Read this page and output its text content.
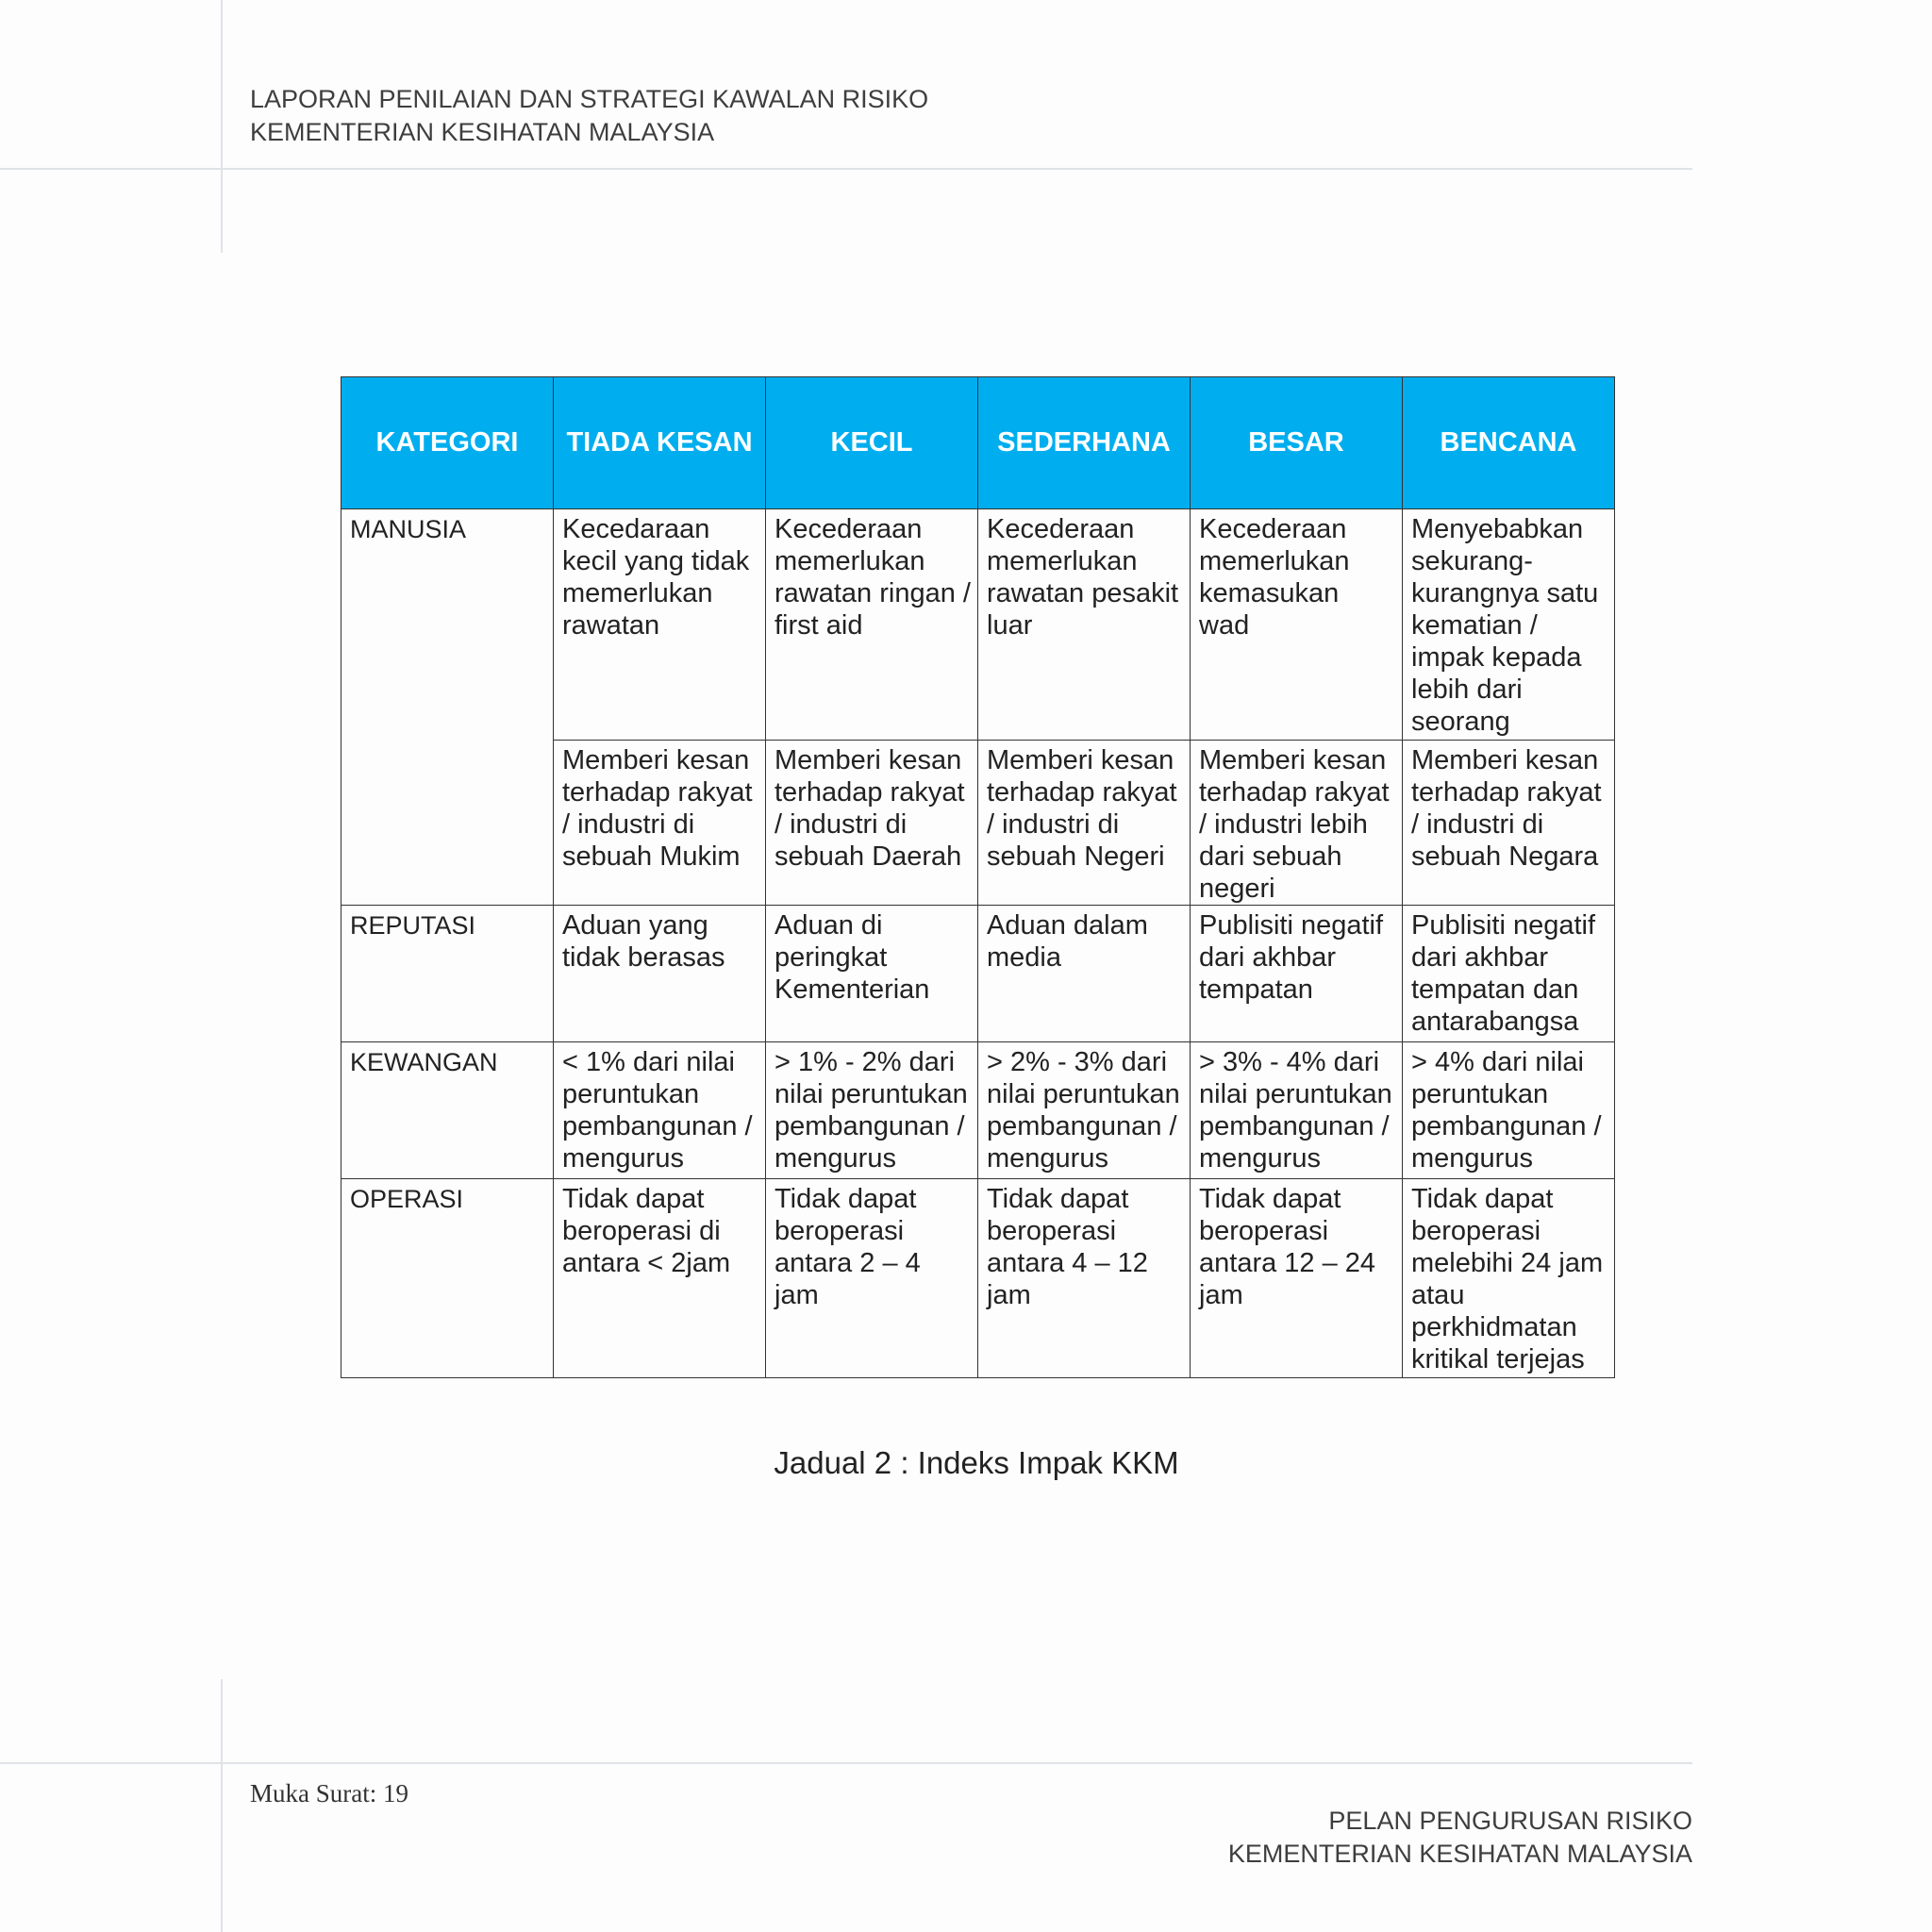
LAPORAN PENILAIAN DAN STRATEGI KAWALAN RISIKO
KEMENTERIAN KESIHATAN MALAYSIA
KATEGORI	TIADA KESAN	KECIL	SEDERHANA	BESAR	BENCANA
MANUSIA	Kecedaraan kecil yang tidak memerlukan rawatan	Kecederaan memerlukan rawatan ringan / first aid	Kecederaan memerlukan rawatan pesakit luar	Kecederaan memerlukan kemasukan wad	Menyebabkan sekurang-kurangnya satu kematian / impak kepada lebih dari seorang
	Memberi kesan terhadap rakyat / industri di sebuah Mukim	Memberi kesan terhadap rakyat / industri di sebuah Daerah	Memberi kesan terhadap rakyat / industri di sebuah Negeri	Memberi kesan terhadap rakyat / industri lebih dari sebuah negeri	Memberi kesan terhadap rakyat / industri di sebuah Negara
REPUTASI	Aduan yang tidak berasas	Aduan di peringkat Kementerian	Aduan dalam media	Publisiti negatif dari akhbar tempatan	Publisiti negatif dari akhbar tempatan dan antarabangsa
KEWANGAN	< 1% dari nilai peruntukan pembangunan / mengurus	> 1% - 2% dari nilai peruntukan pembangunan / mengurus	> 2% - 3% dari nilai peruntukan pembangunan / mengurus	> 3% - 4% dari nilai peruntukan pembangunan / mengurus	> 4% dari nilai peruntukan pembangunan / mengurus
OPERASI	Tidak dapat beroperasi di antara < 2jam	Tidak dapat beroperasi antara 2 – 4 jam	Tidak dapat beroperasi antara 4 – 12 jam	Tidak dapat beroperasi antara 12 – 24 jam	Tidak dapat beroperasi melebihi 24 jam atau perkhidmatan kritikal terjejas
Jadual 2 : Indeks Impak KKM
Muka Surat: 19
PELAN PENGURUSAN RISIKO
KEMENTERIAN KESIHATAN MALAYSIA
